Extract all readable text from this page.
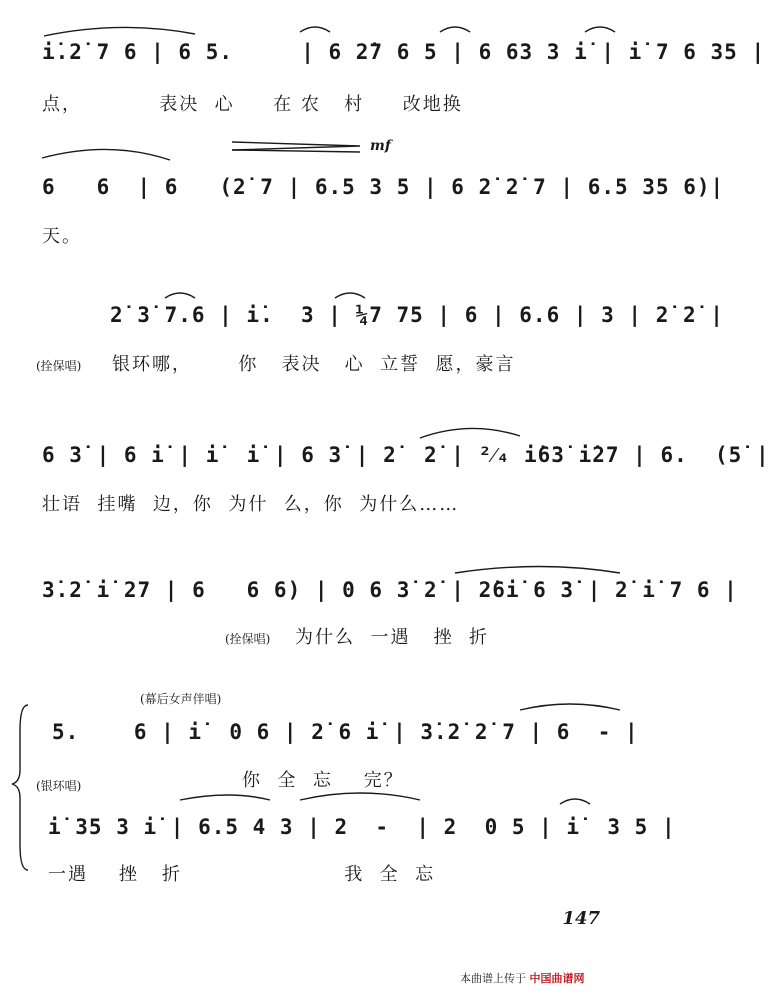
i̇.2̇ 7 6 | 6 5.     | 6 2̇7 6 5 | 6 63 3 i̇ | i̇ 7 6 35 |
点，          表决  心     在 农   村     改地换
mf
6   6  | 6   (2̇ 7 | 6.5 3 5 | 6 2̇ 2̇ 7 | 6.5 35 6)|
天。
2̇ 3̇ 7.6 | i̇.  3 | ¼7 75 | 6 | 6.6 | 3 | 2̇ 2̇ |
(拴保唱) 银环哪，      你   表决   心  立誓  愿，豪言
6 3̇ | 6 i̇ | i̇  i̇ | 6 3̇ | 2̇  2̇ | ²⁄₄ i̇63̇ i̇27 | 6.  (5̇ |
壮语  挂嘴  边，你  为什  么，你  为什么……
3̇.2̇ i̇ 27 | 6   6 6) | 0 6 3̇ 2̇ | 2̇6i̇ 6 3̇ | 2̇ i̇ 7 6 |
(拴保唱) 为什么  一遇   挫  折
(幕后女声伴唱)
5.    6 | i̇  0 6 | 2̇ 6 i̇ | 3̇.2̇ 2̇ 7 | 6  - |
你  全  忘    完？
(银环唱)
i̇ 35 3 i̇ | 6.5 4 3 | 2  -  | 2  0 5 | i̇  3 5 |
一遇    挫   折                     我  全  忘
147
本曲谱上传于 中国曲谱网
